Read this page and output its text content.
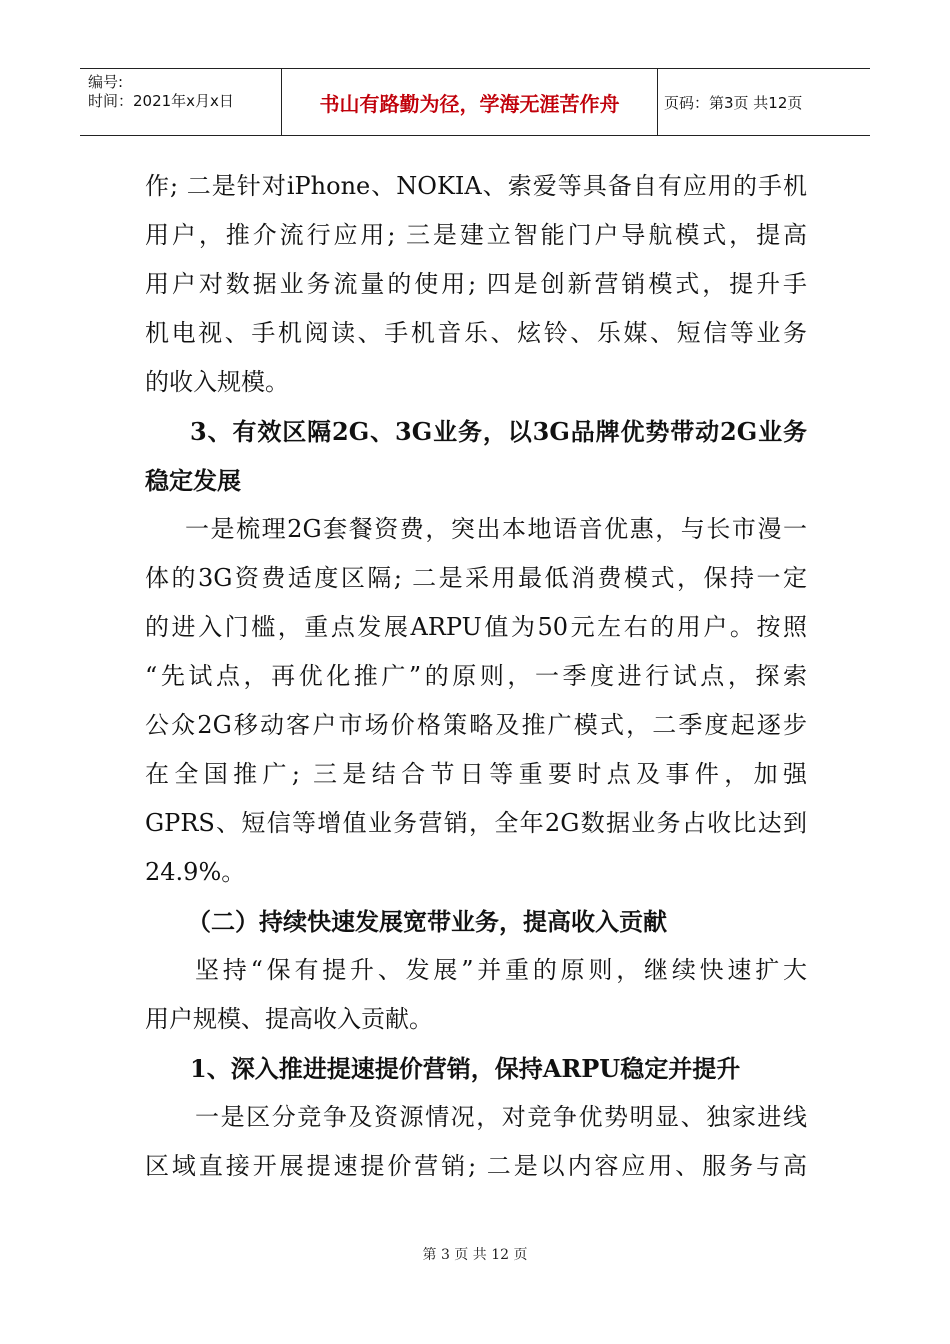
编号:
时间：2021年x月x日	书山有路勤为径，学海无涯苦作舟	页码：第3页 共12页
作; 二是针对iPhone、NOKIA、索爱等具备自有应用的手机
用户，推介流行应用; 三是建立智能门户导航模式，提高
用户对数据业务流量的使用; 四是创新营销模式，提升手
机电视、手机阅读、手机音乐、炫铃、乐媒、短信等业务
的收入规模。
3、有效区隔2G、3G业务，以3G品牌优势带动2G业务
稳定发展
一是梳理2G套餐资费，突出本地语音优惠，与长市漫一
体的3G资费适度区隔; 二是采用最低消费模式，保持一定
的进入门槛，重点发展ARPU值为50元左右的用户。按照
“先试点，再优化推广”的原则，一季度进行试点，探索
公众2G移动客户市场价格策略及推广模式，二季度起逐步
在全国推广; 三是结合节日等重要时点及事件，加强
GPRS、短信等增值业务营销，全年2G数据业务占收比达到
24.9%。
（二）持续快速发展宽带业务，提高收入贡献
坚持“保有提升、发展”并重的原则，继续快速扩大
用户规模、提高收入贡献。
1、深入推进提速提价营销，保持ARPU稳定并提升
一是区分竞争及资源情况，对竞争优势明显、独家进线
区域直接开展提速提价营销; 二是以内容应用、服务与高
第 3 页 共 12 页
